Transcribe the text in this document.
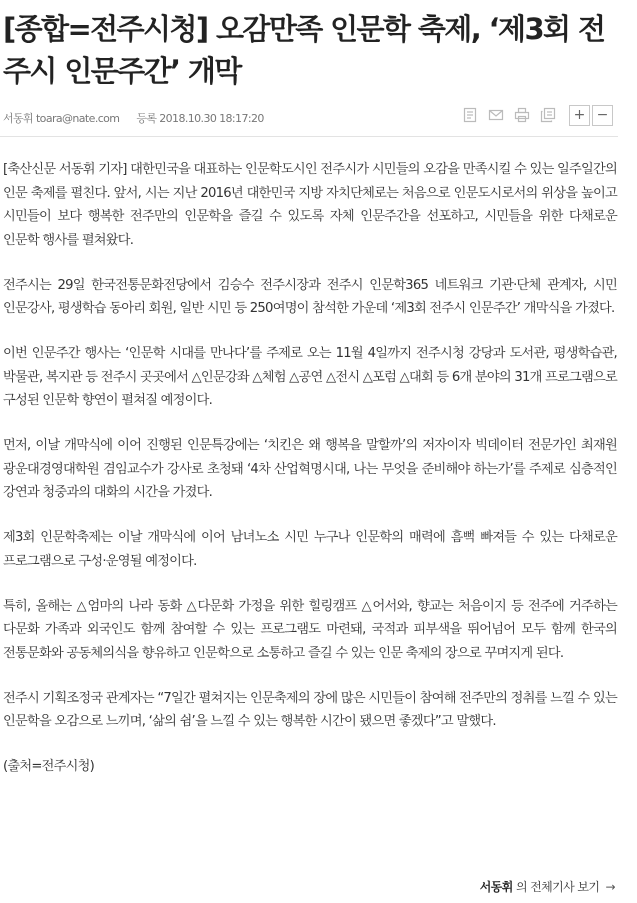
[종합=전주시청] 오감만족 인문학 축제, ‘제3회 전주시 인문주간’ 개막
서동휘 toara@nate.com 등록 2018.10.30 18:17:20	+ −

[축산신문 서동휘 기자] 대한민국을 대표하는 인문학도시인 전주시가 시민들의 오감을 만족시킬 수 있는 일주일간의 인문 축제를 펼친다. 앞서, 시는 지난 2016년 대한민국 지방 자치단체로는 처음으로 인문도시로서의 위상을 높이고 시민들이 보다 행복한 전주만의 인문학을 즐길 수 있도록 자체 인문주간을 선포하고, 시민들을 위한 다채로운 인문학 행사를 펼쳐왔다.

전주시는 29일 한국전통문화전당에서 김승수 전주시장과 전주시 인문학365 네트워크 기관·단체 관계자, 시민 인문강사, 평생학습 동아리 회원, 일반 시민 등 250여명이 참석한 가운데 ‘제3회 전주시 인문주간’ 개막식을 가졌다.

이번 인문주간 행사는 ‘인문학 시대를 만나다’를 주제로 오는 11월 4일까지 전주시청 강당과 도서관, 평생학습관, 박물관, 복지관 등 전주시 곳곳에서 △인문강좌 △체험 △공연 △전시 △포럼 △대회 등 6개 분야의 31개 프로그램으로 구성된 인문학 향연이 펼쳐질 예정이다.

먼저, 이날 개막식에 이어 진행된 인문특강에는 ‘치킨은 왜 행복을 말할까’의 저자이자 빅데이터 전문가인 최재원 광운대경영대학원 겸임교수가 강사로 초청돼 ‘4차 산업혁명시대, 나는 무엇을 준비해야 하는가’를 주제로 심층적인 강연과 청중과의 대화의 시간을 가졌다.

제3회 인문학축제는 이날 개막식에 이어 남녀노소 시민 누구나 인문학의 매력에 흠뻑 빠져들 수 있는 다채로운 프로그램으로 구성·운영될 예정이다.

특히, 올해는 △엄마의 나라 동화 △다문화 가정을 위한 힐링캠프 △어서와, 향교는 처음이지 등 전주에 거주하는 다문화 가족과 외국인도 함께 참여할 수 있는 프로그램도 마련돼, 국적과 피부색을 뛰어넘어 모두 함께 한국의 전통문화와 공동체의식을 향유하고 인문학으로 소통하고 즐길 수 있는 인문 축제의 장으로 꾸며지게 된다.

전주시 기획조정국 관계자는 “7일간 펼쳐지는 인문축제의 장에 많은 시민들이 참여해 전주만의 정취를 느낄 수 있는 인문학을 오감으로 느끼며, ‘삶의 쉼’을 느낄 수 있는 행복한 시간이 됐으면 좋겠다”고 말했다.

(출처=전주시청)

서동휘 의 전체기사 보기 →
